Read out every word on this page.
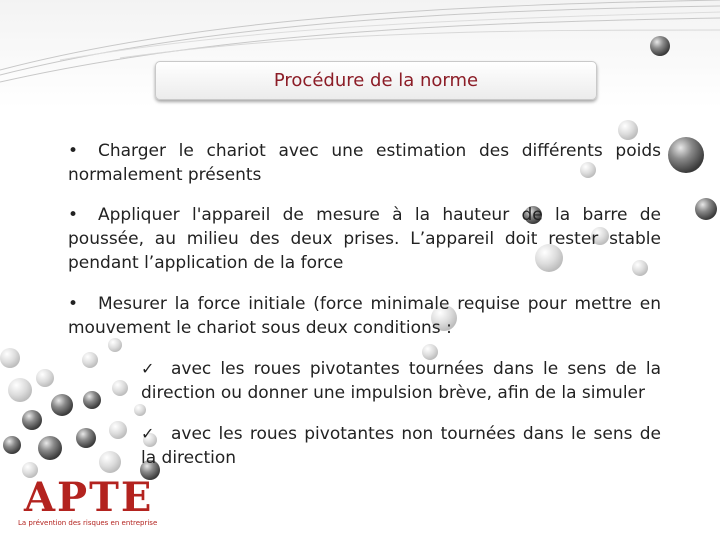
Procédure de la norme

• Charger le chariot avec une estimation des différents poids normalement présents

• Appliquer l'appareil de mesure à la hauteur de la barre de poussée, au milieu des deux prises. L’appareil doit rester stable pendant l’application de la force

• Mesurer la force initiale (force minimale requise pour mettre en mouvement le chariot sous deux conditions :

✓ avec les roues pivotantes tournées dans le sens de la direction ou donner une impulsion brève, afin de la simuler

✓ avec les roues pivotantes non tournées dans le sens de la direction

APTE
La prévention des risques en entreprise
